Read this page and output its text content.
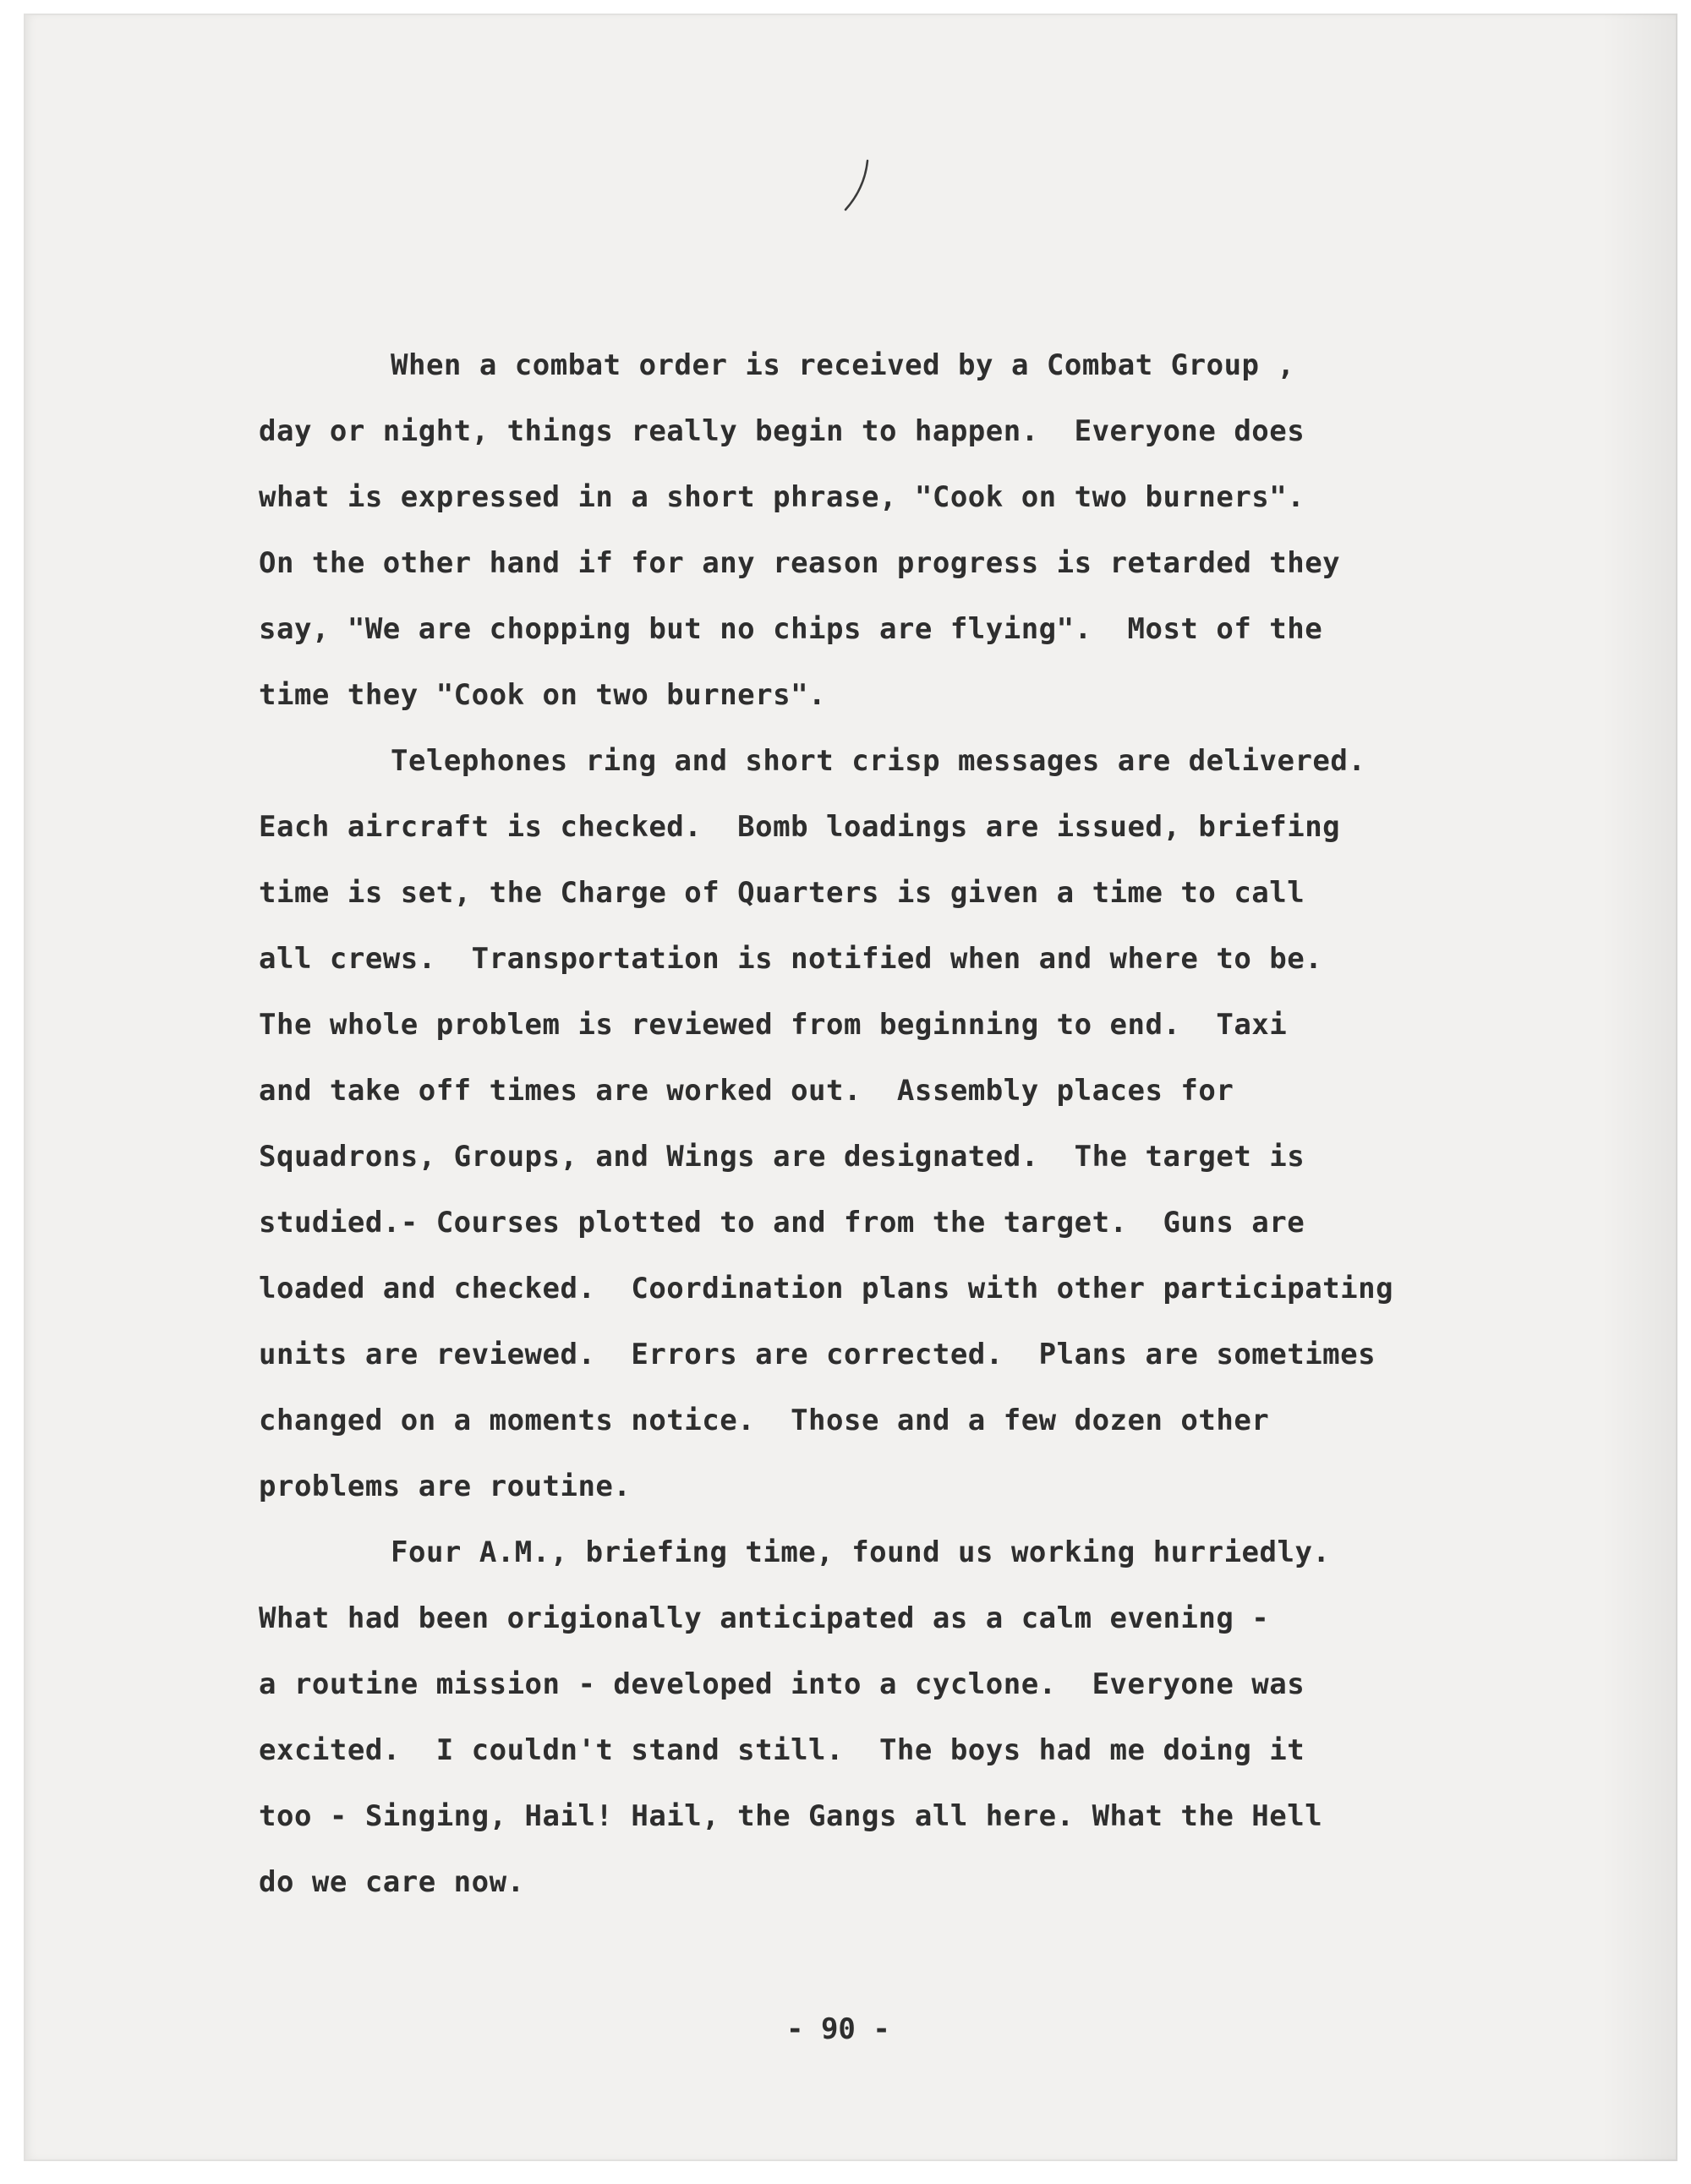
When a combat order is received by a Combat Group ,
day or night, things really begin to happen.  Everyone does
what is expressed in a short phrase, "Cook on two burners".
On the other hand if for any reason progress is retarded they
say, "We are chopping but no chips are flying".  Most of the
time they "Cook on two burners".
Telephones ring and short crisp messages are delivered.
Each aircraft is checked.  Bomb loadings are issued, briefing
time is set, the Charge of Quarters is given a time to call
all crews.  Transportation is notified when and where to be.
The whole problem is reviewed from beginning to end.  Taxi
and take off times are worked out.  Assembly places for
Squadrons, Groups, and Wings are designated.  The target is
studied.- Courses plotted to and from the target.  Guns are
loaded and checked.  Coordination plans with other participating
units are reviewed.  Errors are corrected.  Plans are sometimes
changed on a moments notice.  Those and a few dozen other
problems are routine.
Four A.M., briefing time, found us working hurriedly.
What had been origionally anticipated as a calm evening -
a routine mission - developed into a cyclone.  Everyone was
excited.  I couldn't stand still.  The boys had me doing it
too - Singing, Hail! Hail, the Gangs all here. What the Hell
do we care now.
- 90 -
